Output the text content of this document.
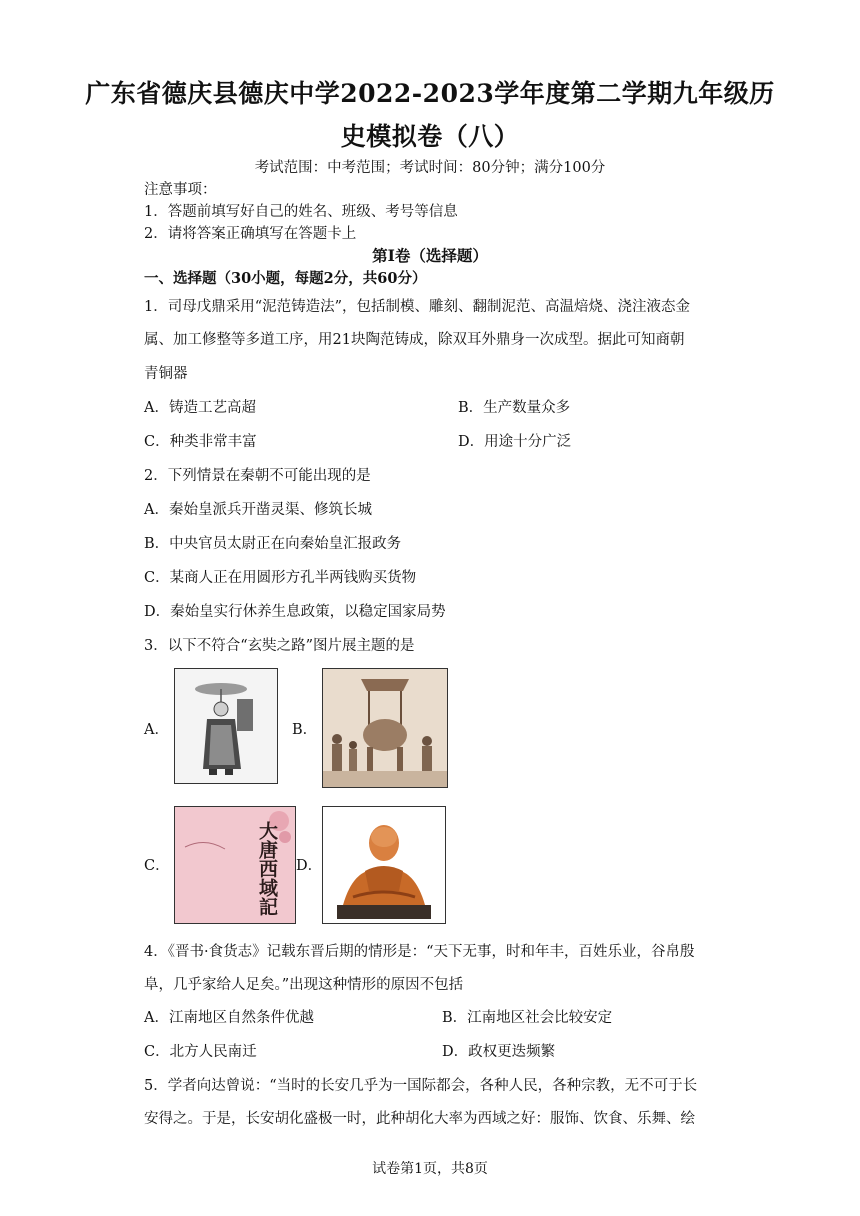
广东省德庆县德庆中学2022-2023学年度第二学期九年级历
史模拟卷（八）
考试范围：中考范围；考试时间：80分钟；满分100分
注意事项：
1．答题前填写好自己的姓名、班级、考号等信息
2．请将答案正确填写在答题卡上
第I卷（选择题）
一、选择题（30小题，每题2分，共60分）
1．司母戊鼎采用“泥范铸造法”，包括制模、雕刻、翻制泥范、高温焙烧、浇注液态金
属、加工修整等多道工序，用21块陶范铸成，除双耳外鼎身一次成型。据此可知商朝
青铜器
A．铸造工艺高超	B．生产数量众多
C．种类非常丰富	D．用途十分广泛
2．下列情景在秦朝不可能出现的是
A．秦始皇派兵开凿灵渠、修筑长城
B．中央官员太尉正在向秦始皇汇报政务
C．某商人正在用圆形方孔半两钱购买货物
D．秦始皇实行休养生息政策，以稳定国家局势
3．以下不符合“玄奘之路”图片展主题的是
A．	B．
C．	大唐西域記 D．
4．《晋书·食货志》记载东晋后期的情形是：“天下无事，时和年丰，百姓乐业，谷帛殷
阜，几乎家给人足矣。”出现这种情形的原因不包括
A．江南地区自然条件优越	B．江南地区社会比较安定
C．北方人民南迁	D．政权更迭频繁
5．学者向达曾说：“当时的长安几乎为一国际都会，各种人民，各种宗教，无不可于长
安得之。于是，长安胡化盛极一时，此种胡化大率为西域之好：服饰、饮食、乐舞、绘
试卷第1页，共8页
